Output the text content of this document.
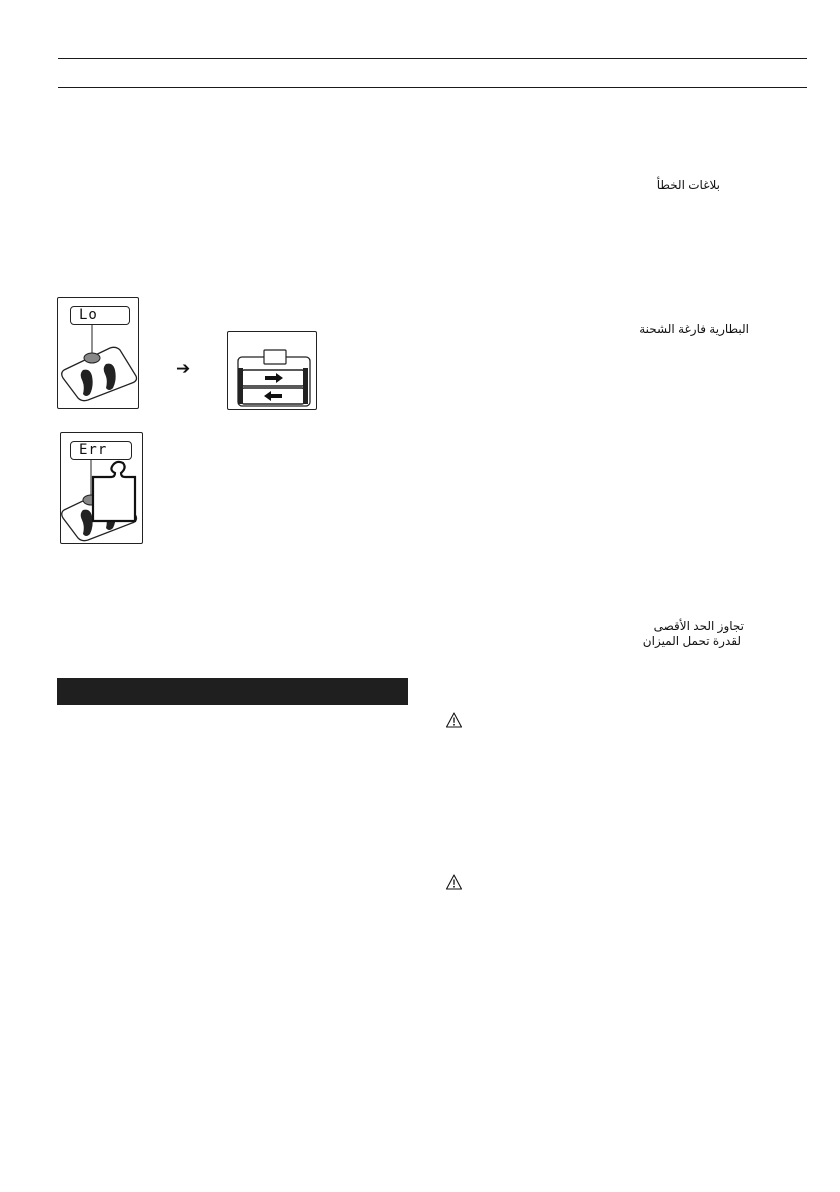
بلاغات الخطأ
البطارية فارغة الشحنة
تجاوز الحد الأقصى
لقدرة تحمل الميزان
Lo
➔
Err
